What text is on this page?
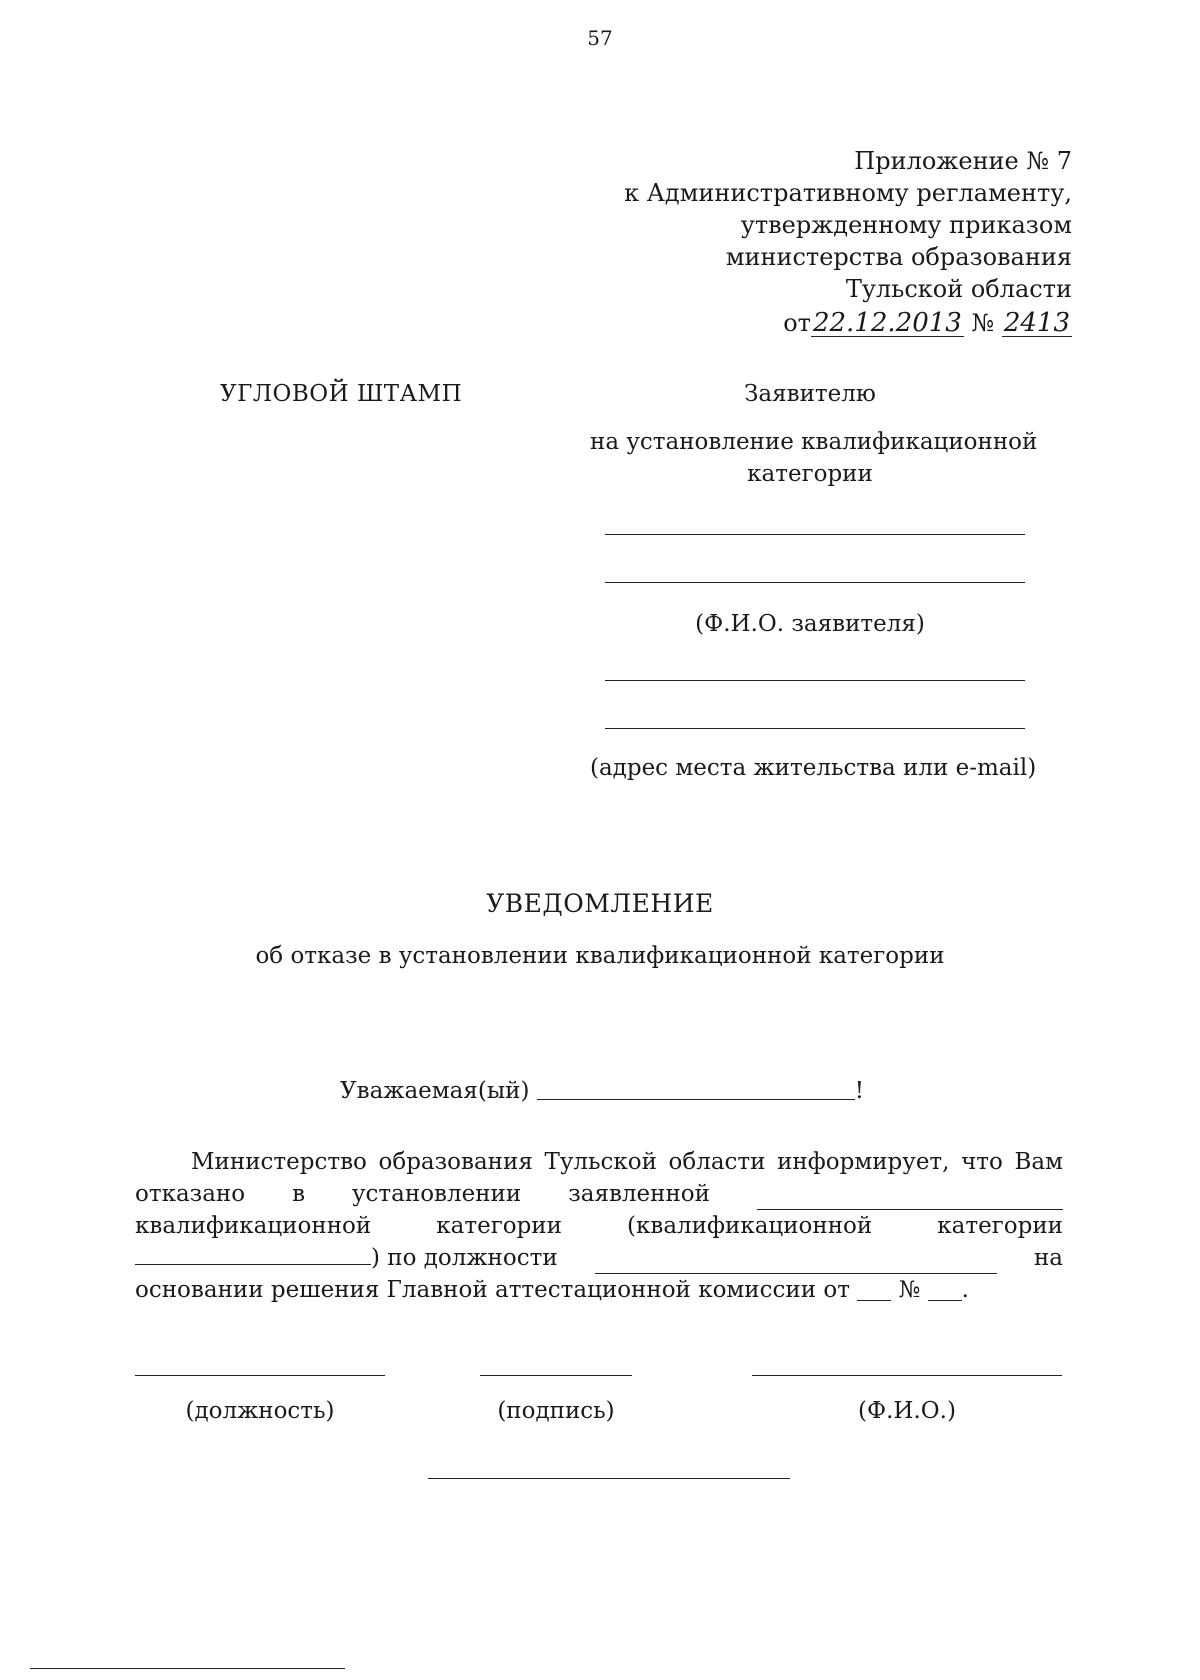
57
Приложение № 7
к Административному регламенту,
утвержденному приказом
министерства образования
Тульской области
от22.12.2013 № 2413
УГЛОВОЙ ШТАМП	Заявителю
на установление квалификационной
категории
(Ф.И.О. заявителя)
(адрес места жительства или e-mail)
УВЕДОМЛЕНИЕ
об отказе в установлении квалификационной категории
Уважаемая(ый)	!
Министерство образования Тульской области информирует, что Вам
отказано в установлении заявленной
квалификационной	категории	(квалификационной	категории
) по должности	на
основании решения Главной аттестационной комиссии от № .
(должность)	(подпись)	(Ф.И.О.)
